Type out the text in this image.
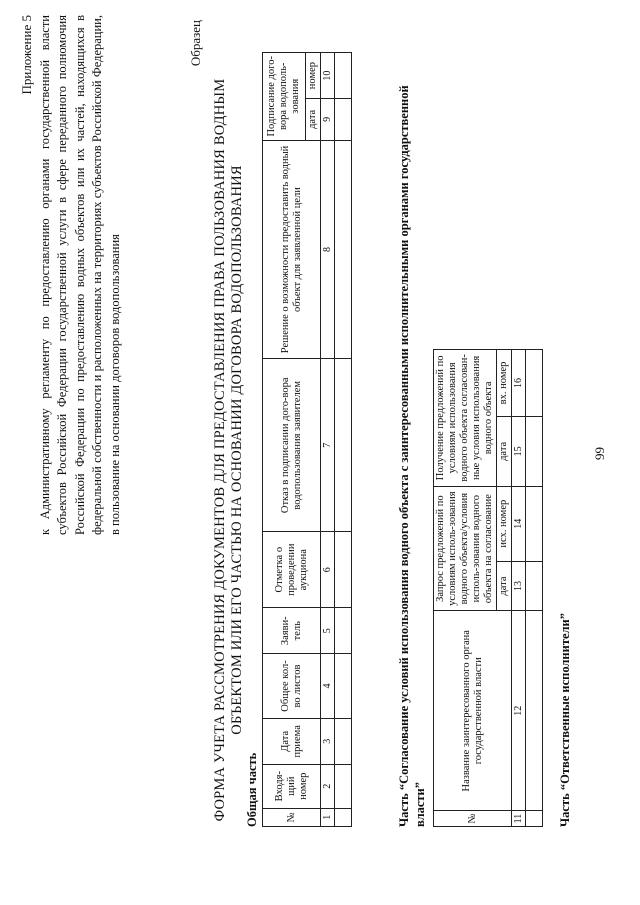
Приложение 5 к Административному регламенту по предоставлению органами государственной власти субъектов Российской Федерации государственной услуги в сфере переданного полномочия Российской Федерации по предоставлению водных объектов или их частей, находящихся в федеральной собственности и расположенных на территориях субъектов Российской Федерации, в пользование на основании договоров водопользования
Образец
ФОРМА УЧЕТА РАССМОТРЕНИЯ ДОКУМЕНТОВ ДЛЯ ПРЕДОСТАВЛЕНИЯ ПРАВА ПОЛЬЗОВАНИЯ ВОДНЫМ ОБЪЕКТОМ ИЛИ ЕГО ЧАСТЬЮ НА ОСНОВАНИИ ДОГОВОРА ВОДОПОЛЬЗОВАНИЯ
Общая часть	№	Входя-щий номер	Дата приема	Общее кол-во листов	Заяви-тель	Отметка о проведении аукциона	Отказ в подписании дого-вора водопользования заявителем	Решение о возможности предоставить водный объект для заявленной цели	Подписание дого-вора водополь-зования	
								дата	номер
1	2	3	4	5	6	7	8	9	10

Часть “Согласование условий использования водного объекта с заинтересованными исполнительными органами государственной власти”	№	Название заинтересованного органа государственной власти	Запрос предложений по условиям исполь-зования водного объекта/условия исполь-зования водного объекта на согласование		Получение предложений по условиям использования водного объекта согласован-ные условия использования водного объекта	
		дата	исх. номер	дата	вх. номер
11	12	13	14	15	16

Часть “Ответственные исполнители”
99
